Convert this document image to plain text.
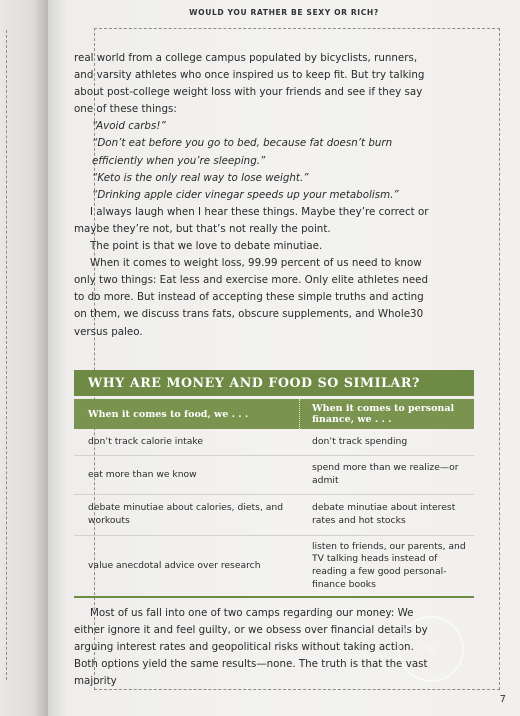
WOULD YOU RATHER BE SEXY OR RICH?
7

real world from a college campus populated by bicyclists, runners, and varsity athletes who once inspired us to keep fit. But try talking about post-college weight loss with your friends and see if they say one of these things:

“Avoid carbs!”

“Don’t eat before you go to bed, because fat doesn’t burn efficiently when you’re sleeping.”

“Keto is the only real way to lose weight.”

“Drinking apple cider vinegar speeds up your metabolism.”

I always laugh when I hear these things. Maybe they’re correct or maybe they’re not, but that’s not really the point.

The point is that we love to debate minutiae.

When it comes to weight loss, 99.99 percent of us need to know only two things: Eat less and exercise more. Only elite athletes need to do more. But instead of accepting these simple truths and acting on them, we discuss trans fats, obscure supplements, and Whole30 versus paleo.

WHY ARE MONEY AND FOOD SO SIMILAR?
When it comes to food, we . . .	When it comes to personal finance, we . . .
don’t track calorie intake	don’t track spending
eat more than we know
spend more than we realize—or admit
debate minutiae about calories, diets, and workouts
debate minutiae about interest rates and hot stocks
value anecdotal advice over research
listen to friends, our parents, and TV talking heads instead of reading a few good personal-finance books

Most of us fall into one of two camps regarding our money: We either ignore it and feel guilty, or we obsess over financial details by arguing interest rates and geopolitical risks without taking action. Both options yield the same results—none. The truth is that the vast majority

◎
